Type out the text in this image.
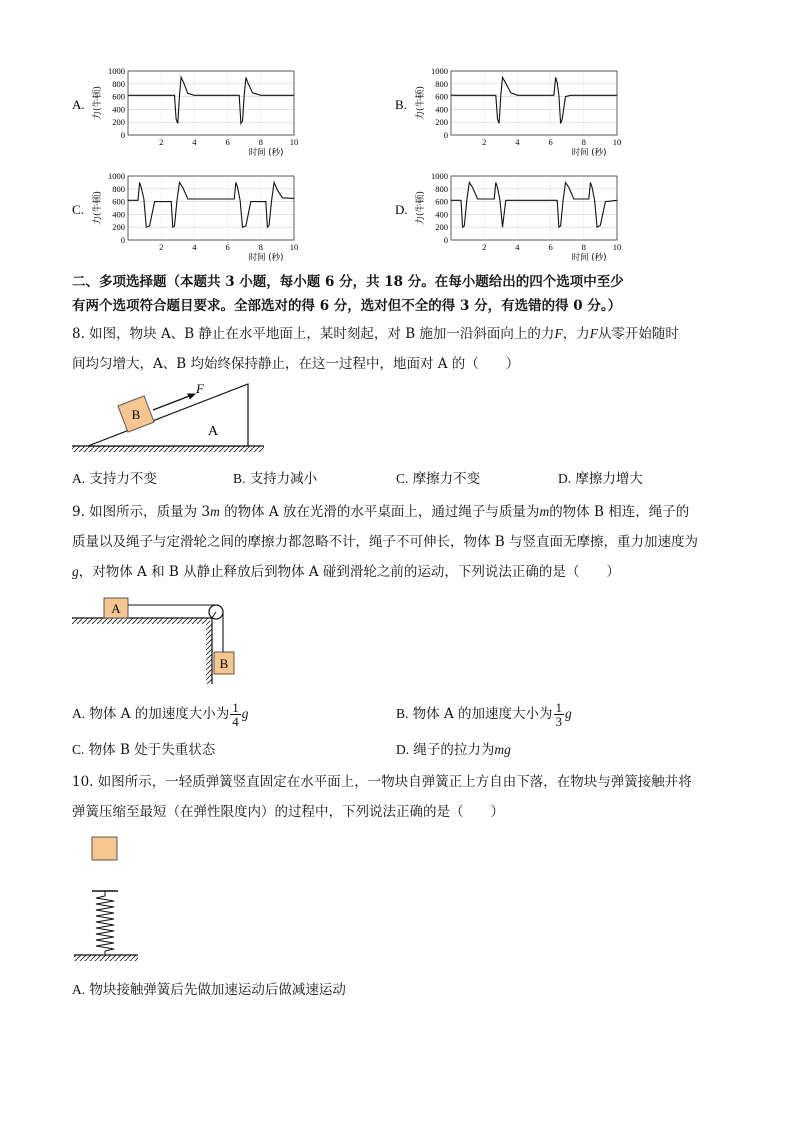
A. 力(牛顿)
1000
800
600
400
200
0
2	4	6	8	10
时间 (秒)
B. 力(牛顿)
1000
800
600
400
200
0
2	4	6	8	10
时间 (秒)
C. 力(牛顿)
1000
800
600
400
200
0
2	4	6	8	10
时间 (秒)
D. 力(牛顿)
1000
800
600
400
200
0
2	4	6	8	10
时间 (秒)
二、多项选择题（本题共 3 小题，每小题 6 分，共 18 分。在每小题给出的四个选项中至少
有两个选项符合题目要求。全部选对的得 6 分，选对但不全的得 3 分，有选错的得 0 分。）
8. 如图，物块 A、B 静止在水平地面上，某时刻起，对 B 施加一沿斜面向上的力F，力F从零开始随时
间均匀增大，A、B 均始终保持静止，在这一过程中，地面对 A 的（　　）
B
F
A
A. 支持力不变	B. 支持力减小	C. 摩擦力不变	D. 摩擦力增大
9. 如图所示，质量为 3m 的物体 A 放在光滑的水平桌面上，通过绳子与质量为m的物体 B 相连，绳子的
质量以及绳子与定滑轮之间的摩擦力都忽略不计，绳子不可伸长，物体 B 与竖直面无摩擦，重力加速度为
g，对物体 A 和 B 从静止释放后到物体 A 碰到滑轮之前的运动，下列说法正确的是（　　）
A
B
A. 物体 A 的加速度大小为 $\frac{1}{4}$ g	B. 物体 A 的加速度大小为 $\frac{1}{3}$ g
C. 物体 B 处于失重状态	D. 绳子的拉力为mg
10. 如图所示，一轻质弹簧竖直固定在水平面上，一物块自弹簧正上方自由下落，在物块与弹簧接触并将
弹簧压缩至最短（在弹性限度内）的过程中，下列说法正确的是（　　）
A. 物块接触弹簧后先做加速运动后做减速运动
